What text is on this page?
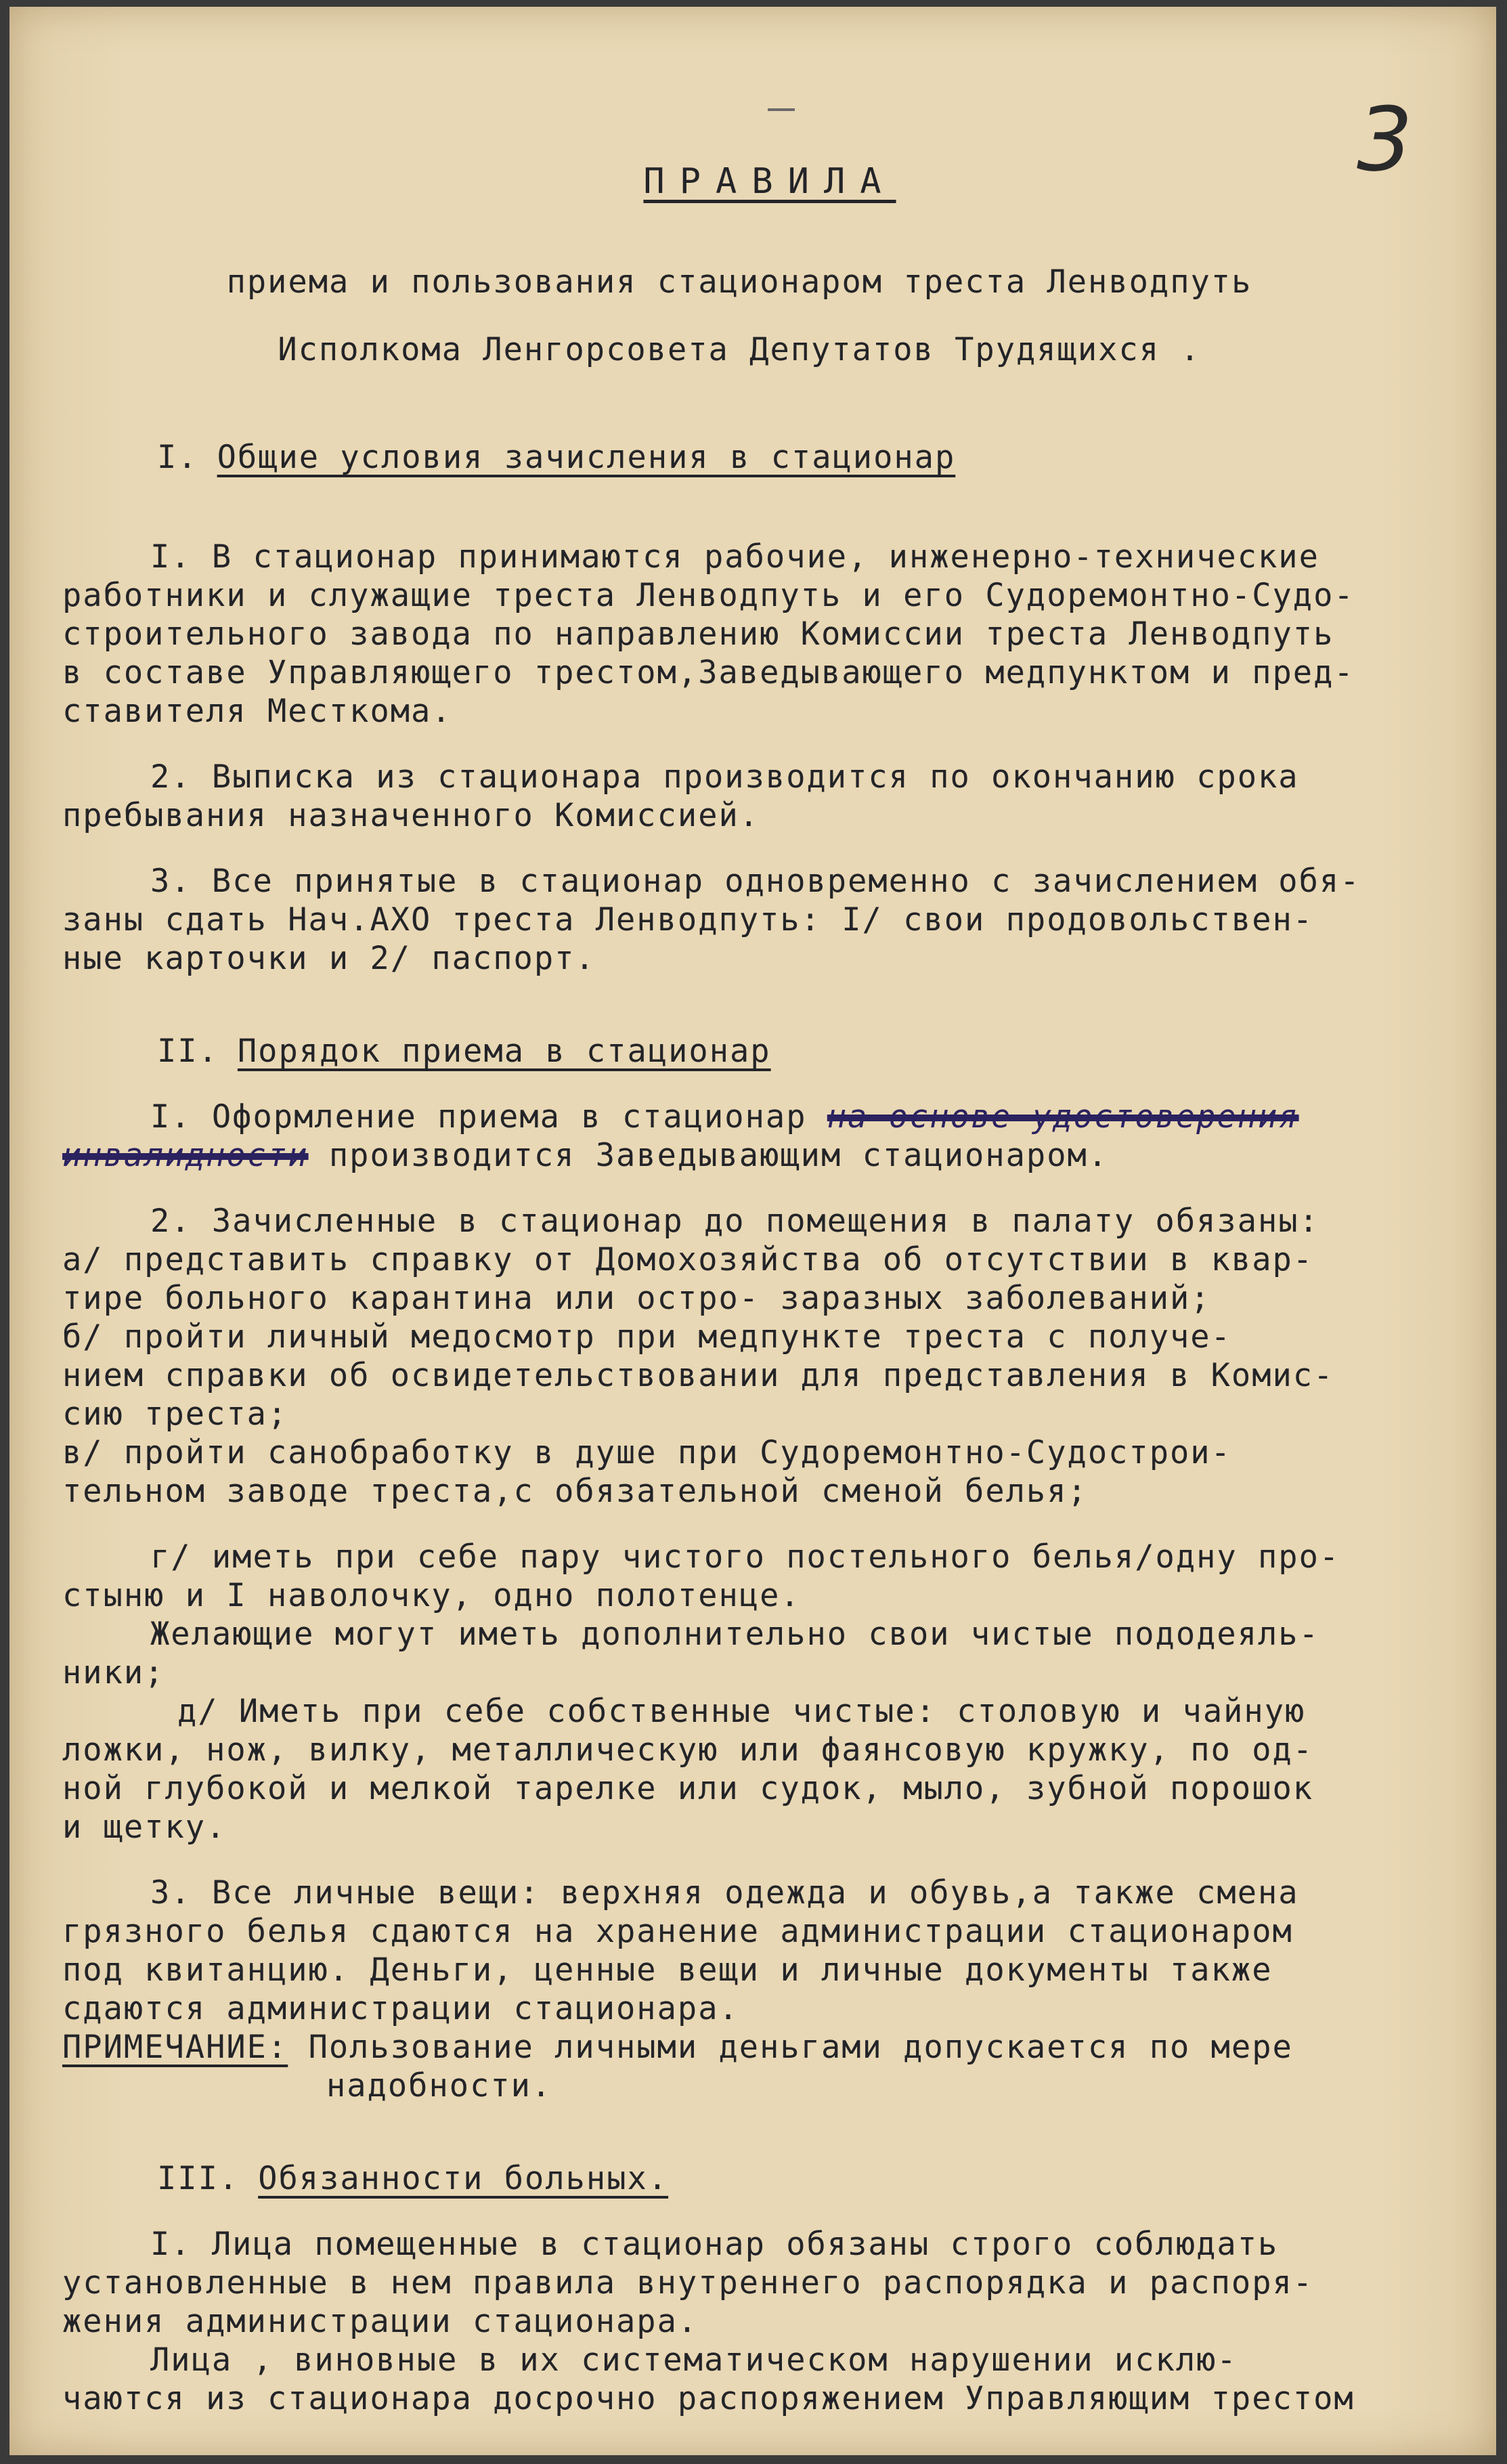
3

ПРАВИЛА

приема и пользования стационаром треста Ленводпуть

Исполкома Ленгорсовета Депутатов Трудящихся .

I. Общие условия зачисления в стационар

I. В стационар принимаются рабочие, инженерно-технические
работники и служащие треста Ленводпуть и его Судоремонтно-Судо-
строительного завода по направлению Комиссии треста Ленводпуть
в составе Управляющего трестом,Заведывающего медпунктом и пред-
ставителя Месткома.
2. Выписка из стационара производится по окончанию срока
пребывания назначенного Комиссией.
3. Все принятые в стационар одновременно с зачислением обя-
заны сдать Нач.АХО треста Ленводпуть: I/ свои продовольствен-
ные карточки и 2/ паспорт.

II. Порядок приема в стационар

I. Оформление приема в стационар на основе удостоверения
инвалидности производится Заведывающим стационаром.
2. Зачисленные в стационар до помещения в палату обязаны:
а/ представить справку от Домохозяйства об отсутствии в квар-
тире больного карантина или остро- заразных заболеваний;
б/ пройти личный медосмотр при медпункте треста с получе-
нием справки об освидетельствовании для представления в Комис-
сию треста;
в/ пройти санобработку в душе при Судоремонтно-Судострои-
тельном заводе треста,с обязательной сменой белья;
г/ иметь при себе пару чистого постельного белья/одну про-
стыню и I наволочку, одно полотенце.
Желающие могут иметь дополнительно свои чистые пододеяль-
ники;
д/ Иметь при себе собственные чистые: столовую и чайную
ложки, нож, вилку, металлическую или фаянсовую кружку, по од-
ной глубокой и мелкой тарелке или судок, мыло, зубной порошок
и щетку.
3. Все личные вещи: верхняя одежда и обувь,а также смена
грязного белья сдаются на хранение администрации стационаром
под квитанцию. Деньги, ценные вещи и личные документы также
сдаются администрации стационара.
ПРИМЕЧАНИЕ: Пользование личными деньгами допускается по мере
надобности.

III. Обязанности больных.

I. Лица помещенные в стационар обязаны строго соблюдать
установленные в нем правила внутреннего распорядка и распоря-
жения администрации стационара.
Лица , виновные в их систематическом нарушении исклю-
чаются из стационара досрочно распоряжением Управляющим трестом
